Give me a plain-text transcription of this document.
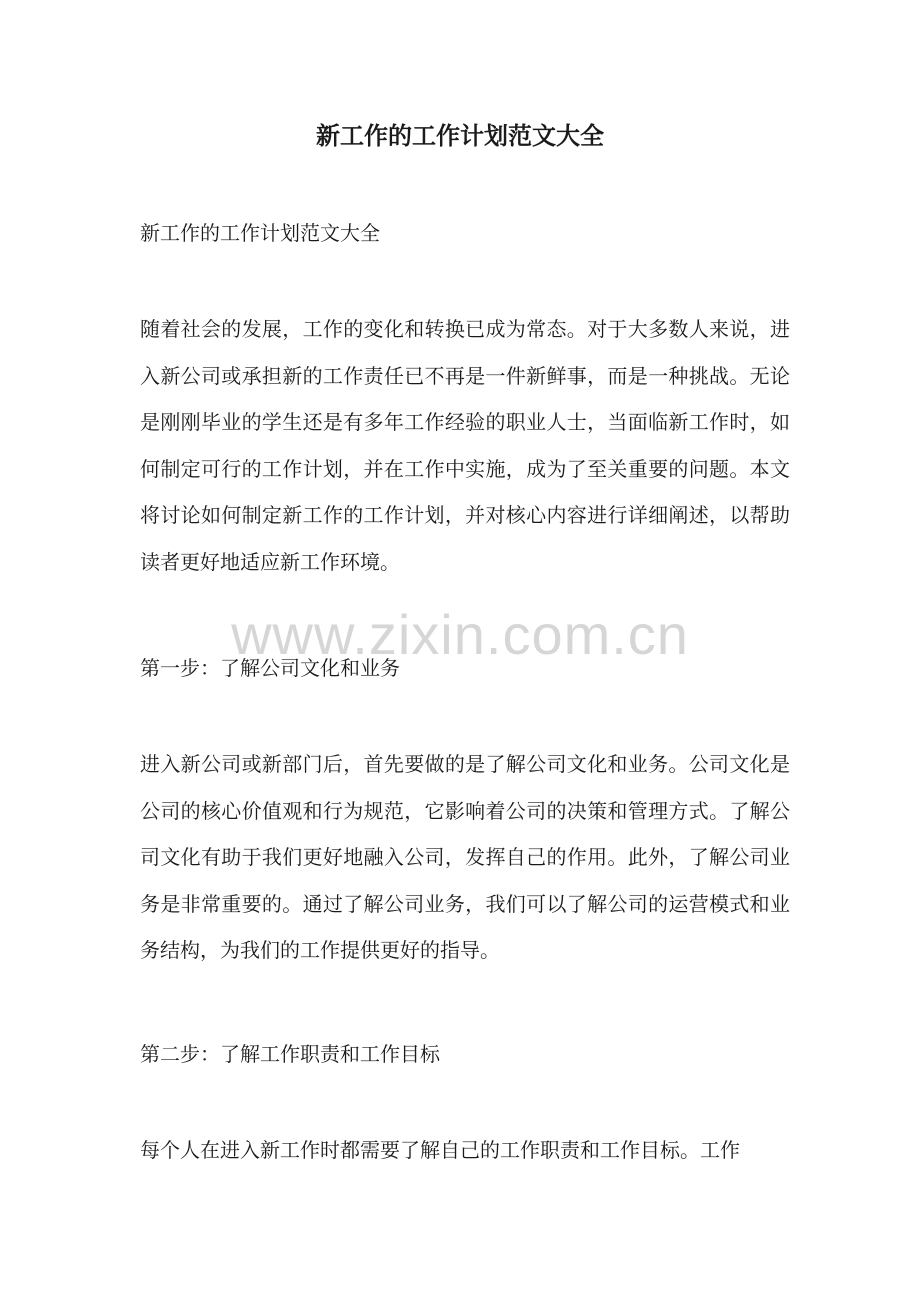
新工作的工作计划范文大全

新工作的工作计划范文大全

随着社会的发展，工作的变化和转换已成为常态。对于大多数人来说，进入新公司或承担新的工作责任已不再是一件新鲜事，而是一种挑战。无论是刚刚毕业的学生还是有多年工作经验的职业人士，当面临新工作时，如何制定可行的工作计划，并在工作中实施，成为了至关重要的问题。本文将讨论如何制定新工作的工作计划，并对核心内容进行详细阐述，以帮助读者更好地适应新工作环境。

第一步：了解公司文化和业务

进入新公司或新部门后，首先要做的是了解公司文化和业务。公司文化是公司的核心价值观和行为规范，它影响着公司的决策和管理方式。了解公司文化有助于我们更好地融入公司，发挥自己的作用。此外，了解公司业务是非常重要的。通过了解公司业务，我们可以了解公司的运营模式和业务结构，为我们的工作提供更好的指导。

第二步：了解工作职责和工作目标

每个人在进入新工作时都需要了解自己的工作职责和工作目标。工作

www.zixin.com.cn
